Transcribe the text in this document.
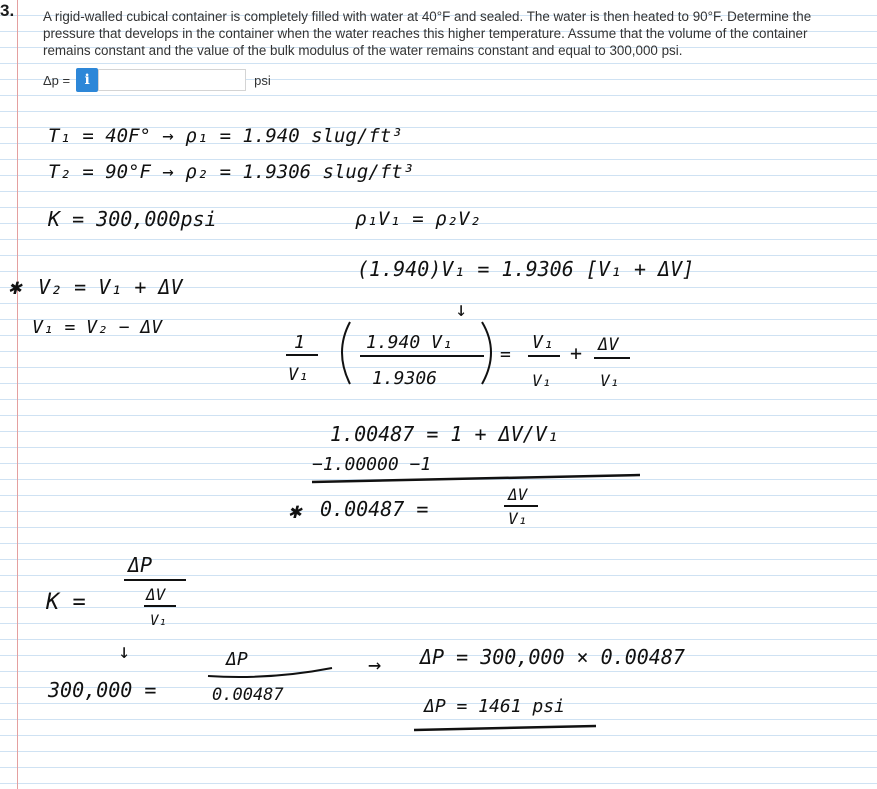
3. A rigid-walled cubical container is completely filled with water at 40°F and sealed. The water is then heated to 90°F. Determine the pressure that develops in the container when the water reaches this higher temperature. Assume that the volume of the container remains constant and the value of the bulk modulus of the water remains constant and equal to 300,000 psi.
Δp =	i	psi
T₁ = 40F° → ρ₁ = 1.940 slug/ft³
T₂ = 90°F → ρ₂ = 1.9306 slug/ft³
K = 300,000psi
✱ V₂ = V₁ + ΔV
V₁ = V₂ − ΔV
ρ₁V₁ = ρ₂V₂
(1.940)V₁ = 1.9306 [V₁ + ΔV]
↓
1
V₁
1.940 V₁
1.9306
=
V₁
V₁
+ ΔV
V₁
1.00487 = 1 + ΔV/V₁
−1.00000 −1
✱ 0.00487 =
ΔV
V₁
K =
ΔP
ΔV
V₁
↓
300,000 =
ΔP
0.00487
→ ΔP = 300,000 × 0.00487
ΔP = 1461 psi
